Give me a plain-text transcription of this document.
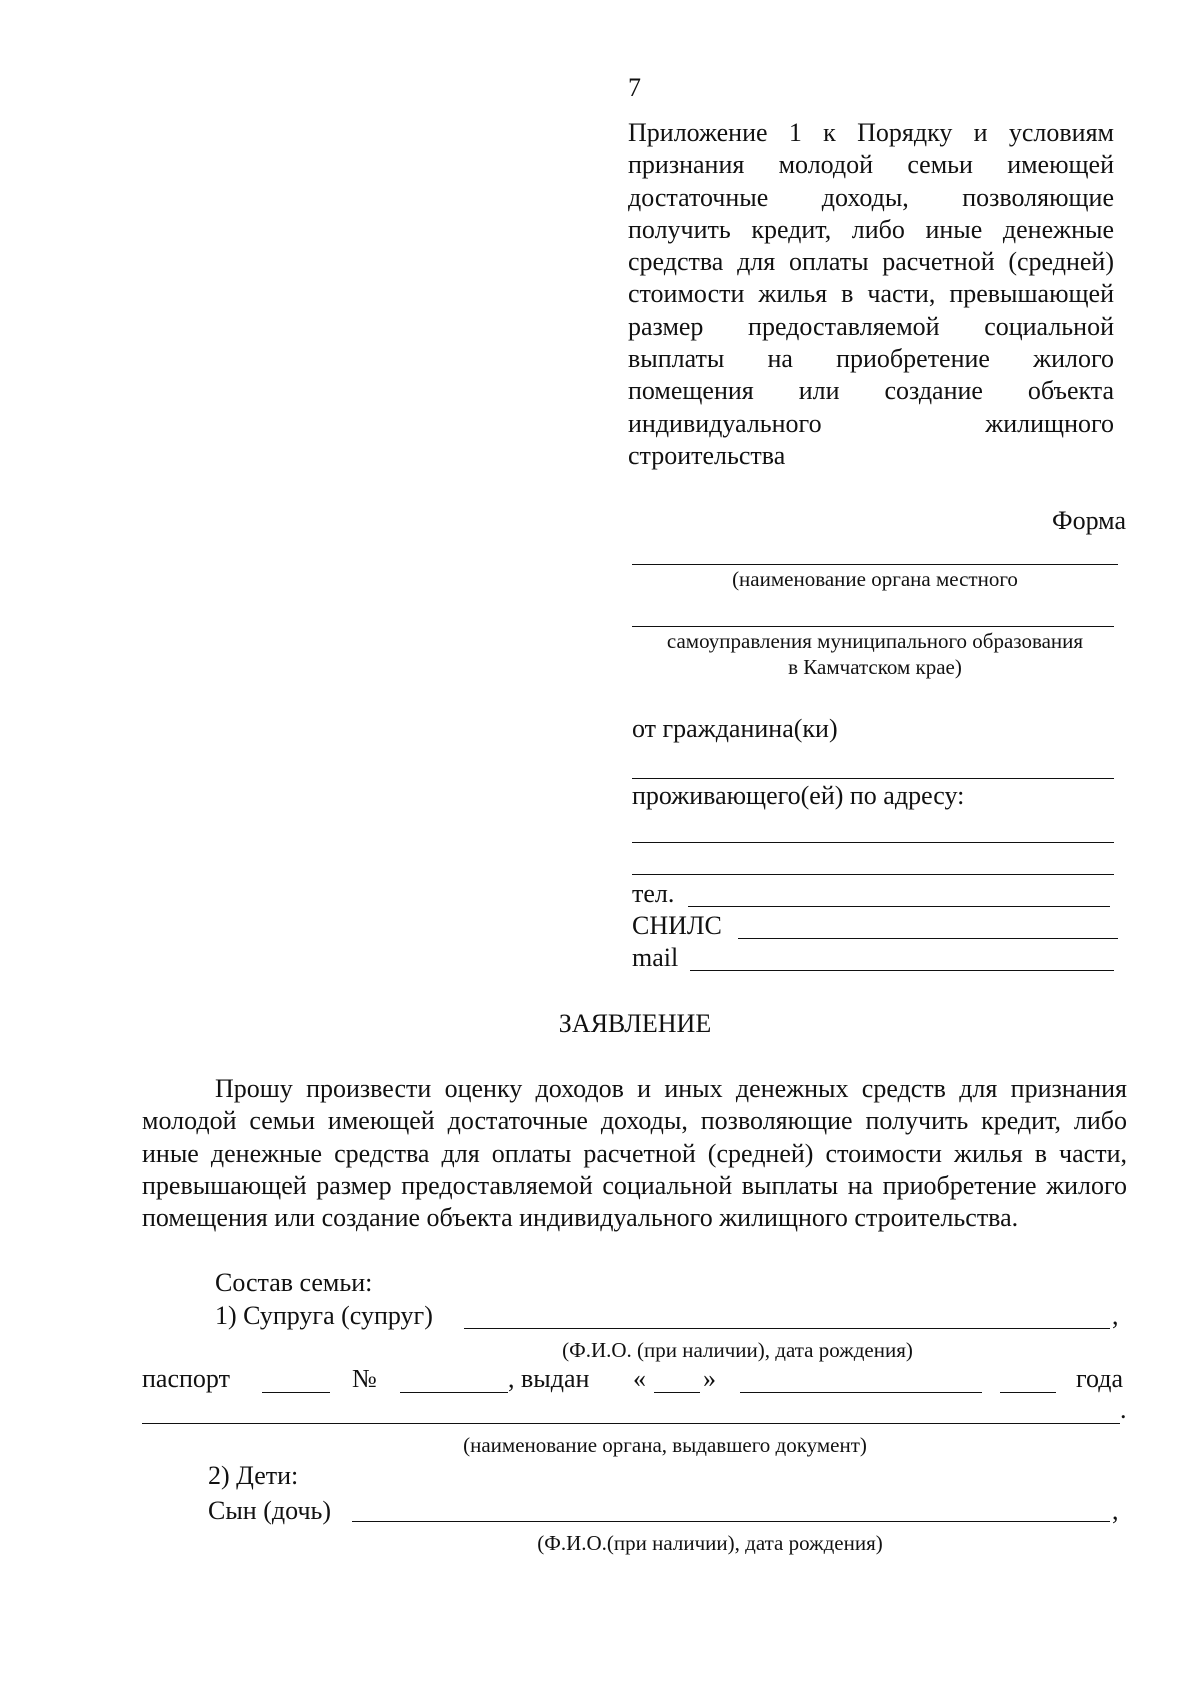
7
Приложение 1 к Порядку и условиям признания молодой семьи имеющей достаточные доходы, позволяющие получить кредит, либо иные денежные средства для оплаты расчетной (средней) стоимости жилья в части, превышающей размер предоставляемой социальной выплаты на приобретение жилого помещения или создание объекта индивидуального жилищного строительства
Форма
(наименование органа местного
самоуправления муниципального образования
в Камчатском крае)
от гражданина(ки)
проживающего(ей) по адресу:
тел.
СНИЛС
mail
ЗАЯВЛЕНИЕ
Прошу произвести оценку доходов и иных денежных средств для признания молодой семьи имеющей достаточные доходы, позволяющие получить кредит, либо иные денежные средства для оплаты расчетной (средней) стоимости жилья в части, превышающей размер предоставляемой социальной выплаты на приобретение жилого помещения или создание объекта индивидуального жилищного строительства.
Состав семьи:
1) Супруга (супруг)	,
(Ф.И.О. (при наличии), дата рождения)
паспорт	№	, выдан « »	года
.
(наименование органа, выдавшего документ)
2) Дети:
Сын (дочь)	,
(Ф.И.О.(при наличии), дата рождения)
